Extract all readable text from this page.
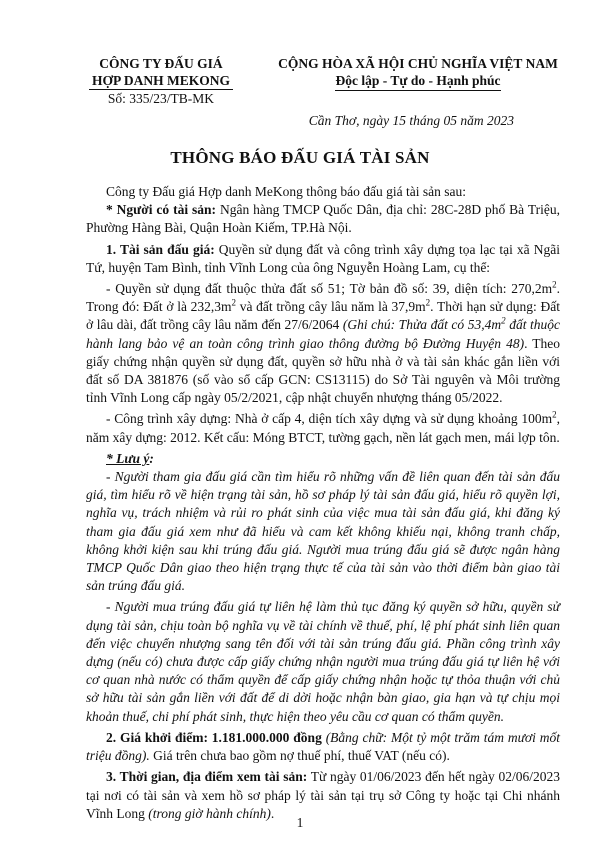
CÔNG TY ĐẤU GIÁ
HỢP DANH MEKONG
Số: 335/23/TB-MK
CỘNG HÒA XÃ HỘI CHỦ NGHĨA VIỆT NAM
Độc lập - Tự do - Hạnh phúc
Cần Thơ, ngày 15 tháng 05 năm 2023
THÔNG BÁO ĐẤU GIÁ TÀI SẢN

Công ty Đấu giá Hợp danh MeKong thông báo đấu giá tài sản sau:

* Người có tài sản: Ngân hàng TMCP Quốc Dân, địa chỉ: 28C-28D phố Bà Triệu, Phường Hàng Bài, Quận Hoàn Kiếm, TP.Hà Nội.

1. Tài sản đấu giá: Quyền sử dụng đất và công trình xây dựng tọa lạc tại xã Ngãi Tứ, huyện Tam Bình, tỉnh Vĩnh Long của ông Nguyễn Hoàng Lam, cụ thể:

- Quyền sử dụng đất thuộc thửa đất số 51; Tờ bản đồ số: 39, diện tích: $270,2m^2$. Trong đó: Đất ở là $232,3m^2$ và đất trồng cây lâu năm là $37,9m^2$. Thời hạn sử dụng: Đất ở lâu dài, đất trồng cây lâu năm đến 27/6/2064 (Ghi chú: Thửa đất có $53,4m^2$ đất thuộc hành lang bảo vệ an toàn công trình giao thông đường bộ Đường Huyện 48). Theo giấy chứng nhận quyền sử dụng đất, quyền sở hữu nhà ở và tài sản khác gắn liền với đất số DA 381876 (số vào sổ cấp GCN: CS13115) do Sở Tài nguyên và Môi trường tỉnh Vĩnh Long cấp ngày 05/2/2021, cập nhật chuyển nhượng tháng 05/2022.

- Công trình xây dựng: Nhà ở cấp 4, diện tích xây dựng và sử dụng khoảng $100m^2$, năm xây dựng: 2012. Kết cấu: Móng BTCT, tường gạch, nền lát gạch men, mái lợp tôn.

* Lưu ý:

- Người tham gia đấu giá cần tìm hiểu rõ những vấn đề liên quan đến tài sản đấu giá, tìm hiểu rõ về hiện trạng tài sản, hồ sơ pháp lý tài sản đấu giá, hiểu rõ quyền lợi, nghĩa vụ, trách nhiệm và rủi ro phát sinh của việc mua tài sản đấu giá, khi đăng ký tham gia đấu giá xem như đã hiểu và cam kết không khiếu nại, không tranh chấp, không khởi kiện sau khi trúng đấu giá. Người mua trúng đấu giá sẽ được ngân hàng TMCP Quốc Dân giao theo hiện trạng thực tế của tài sản vào thời điểm bàn giao tài sản trúng đấu giá.

- Người mua trúng đấu giá tự liên hệ làm thủ tục đăng ký quyền sở hữu, quyền sử dụng tài sản, chịu toàn bộ nghĩa vụ về tài chính về thuế, phí, lệ phí phát sinh liên quan đến việc chuyển nhượng sang tên đối với tài sản trúng đấu giá. Phần công trình xây dựng (nếu có) chưa được cấp giấy chứng nhận người mua trúng đấu giá tự liên hệ với cơ quan nhà nước có thẩm quyền để cấp giấy chứng nhận hoặc tự thỏa thuận với chủ sở hữu tài sản gắn liền với đất để di dời hoặc nhận bàn giao, gia hạn và tự chịu mọi khoản thuế, chi phí phát sinh, thực hiện theo yêu cầu cơ quan có thẩm quyền.

2. Giá khởi điểm: 1.181.000.000 đồng (Bằng chữ: Một tỷ một trăm tám mươi mốt triệu đồng). Giá trên chưa bao gồm nợ thuế phí, thuế VAT (nếu có).

3. Thời gian, địa điểm xem tài sản: Từ ngày 01/06/2023 đến hết ngày 02/06/2023 tại nơi có tài sản và xem hồ sơ pháp lý tài sản tại trụ sở Công ty hoặc tại Chi nhánh Vĩnh Long (trong giờ hành chính).

1
